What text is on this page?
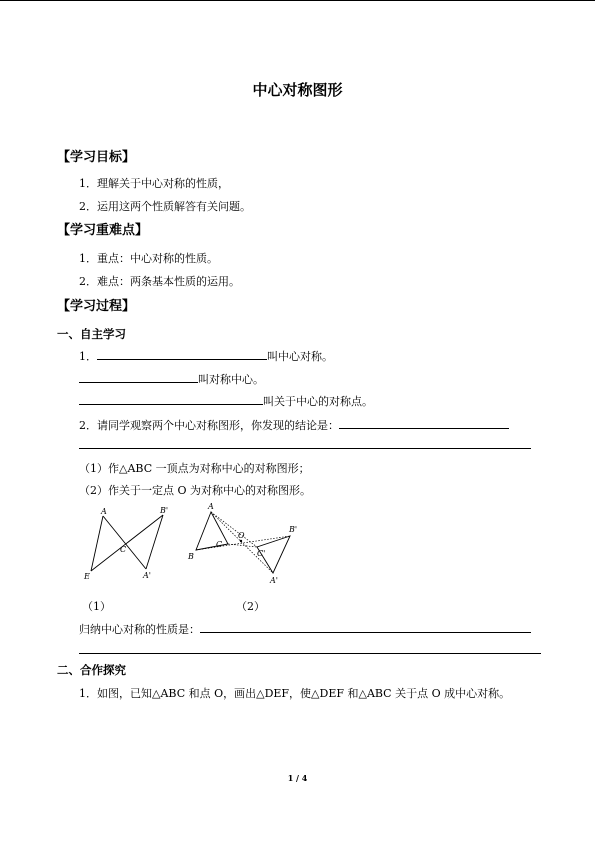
中心对称图形
【学习目标】
1．理解关于中心对称的性质，
2．运用这两个性质解答有关问题。
【学习重难点】
1．重点：中心对称的性质。
2．难点：两条基本性质的运用。
【学习过程】
一、自主学习
1．	叫中心对称。
叫对称中心。
叫关于中心的对称点。
2．请同学观察两个中心对称图形，你发现的结论是：
（1）作△ABC 一顶点为对称中心的对称图形；
（2）作关于一定点 O 为对称中心的对称图形。
A	B'
E
C
A'
A
O
B
C
C'
B'
A'
（1）	（2）
归纳中心对称的性质是：
二、合作探究
1．如图，已知△ABC 和点 O，画出△DEF，使△DEF 和△ABC 关于点 O 成中心对称。
1 / 4
